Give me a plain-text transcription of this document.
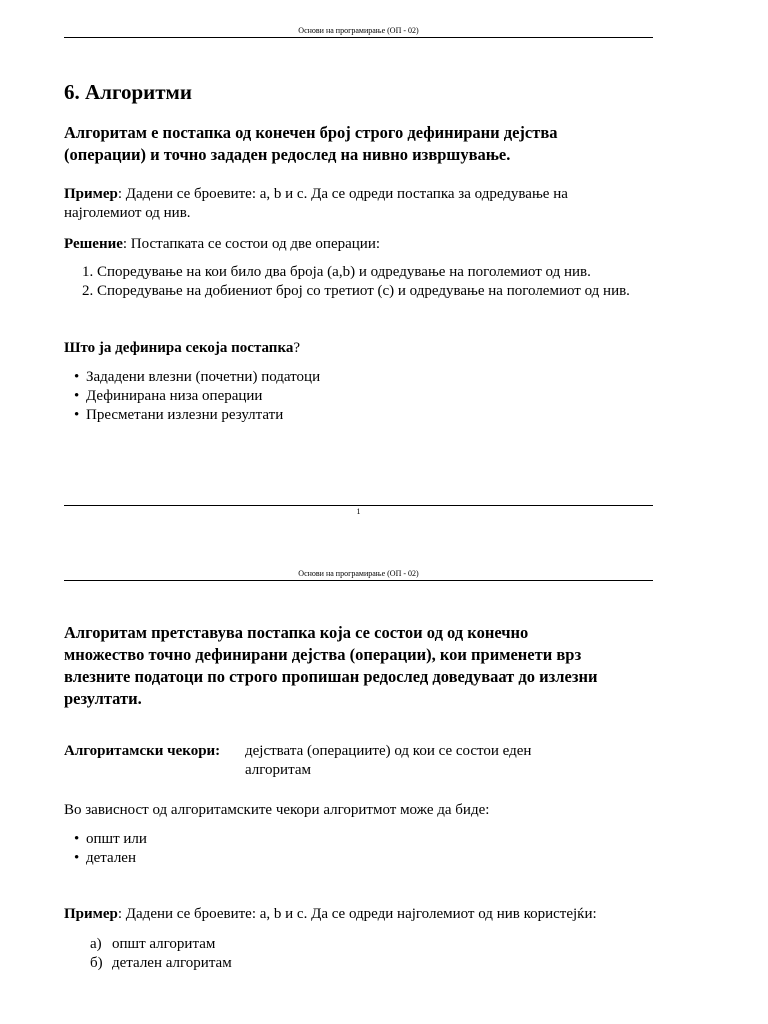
Основи на програмирање (ОП - 02)
6. Алгоритми

Алгоритам е постапка од конечен број строго дефинирани дејства (операции) и точно зададен редослед на нивно извршување.

Пример: Дадени се броевите: a, b и c. Да се одреди постапка за одредување на најголемиот од нив.

Решение: Постапката се состои од две операции:

1. Споредување на кои било два броја (a,b) и одредување на поголемиот од нив.
2. Споредување на добиениот број со третиот (c) и одредување на поголемиот од нив.

Што ја дефинира секоја постапка?

• Зададени влезни (почетни) податоци
• Дефинирана низа операции
• Пресметани излезни резултати
1
Основи на програмирање (ОП - 02)

Алгоритам претставува постапка која се состои од од конечно множество точно дефинирани дејства (операции), кои применети врз влезните податоци по строго пропишан редослед доведуваат до излезни резултати.

Алгоритамски чекори: дејствата (операциите) од кои се состои еден алгоритам

Во зависност од алгоритамските чекори алгоритмот може да биде:

• општ или
• детален

Пример: Дадени се броевите: a, b и c. Да се одреди најголемиот од нив користејќи:

а) општ алгоритам
б) детален алгоритам
